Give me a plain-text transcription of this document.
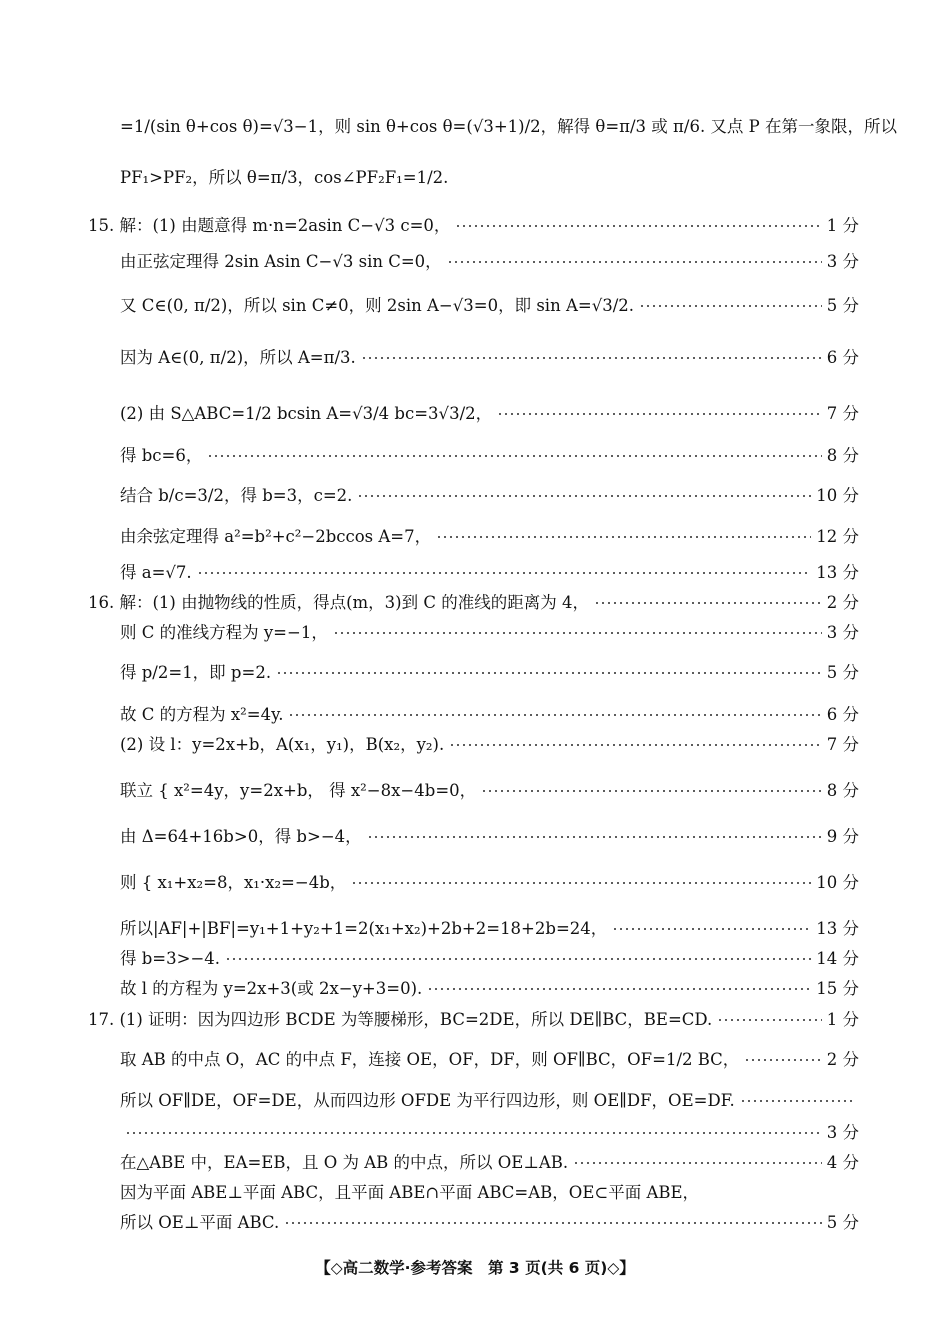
=1/(sin θ+cos θ)=√3−1，则 sin θ+cos θ=(√3+1)/2，解得 θ=π/3 或 π/6. 又点 P 在第一象限，所以
PF₁>PF₂，所以 θ=π/3，cos∠PF₂F₁=1/2.
15. 解：(1) 由题意得 m·n=2asin C−√3 c=0，	1 分
由正弦定理得 2sin Asin C−√3 sin C=0，	3 分
又 C∈(0, π/2)，所以 sin C≠0，则 2sin A−√3=0，即 sin A=√3/2.	5 分
因为 A∈(0, π/2)，所以 A=π/3.	6 分
(2) 由 S△ABC=1/2 bcsin A=√3/4 bc=3√3/2，	7 分
得 bc=6，	8 分
结合 b/c=3/2，得 b=3，c=2.	10 分
由余弦定理得 a²=b²+c²−2bccos A=7，	12 分
得 a=√7.	13 分
16. 解：(1) 由抛物线的性质，得点(m，3)到 C 的准线的距离为 4，	2 分
则 C 的准线方程为 y=−1，	3 分
得 p/2=1，即 p=2.	5 分
故 C 的方程为 x²=4y.	6 分
(2) 设 l：y=2x+b，A(x₁，y₁)，B(x₂，y₂).	7 分
联立 { x²=4y，y=2x+b， 得 x²−8x−4b=0，	8 分
由 Δ=64+16b>0，得 b>−4，	9 分
则 { x₁+x₂=8，x₁·x₂=−4b，	10 分
所以|AF|+|BF|=y₁+1+y₂+1=2(x₁+x₂)+2b+2=18+2b=24，	13 分
得 b=3>−4.	14 分
故 l 的方程为 y=2x+3(或 2x−y+3=0).	15 分
17. (1) 证明：因为四边形 BCDE 为等腰梯形，BC=2DE，所以 DE∥BC，BE=CD.	1 分
取 AB 的中点 O，AC 的中点 F，连接 OE，OF，DF，则 OF∥BC，OF=1/2 BC，	2 分
所以 OF∥DE，OF=DE，从而四边形 OFDE 为平行四边形，则 OE∥DF，OE=DF.
3 分
在△ABE 中，EA=EB，且 O 为 AB 的中点，所以 OE⊥AB.	4 分
因为平面 ABE⊥平面 ABC，且平面 ABE∩平面 ABC=AB，OE⊂平面 ABE，
所以 OE⊥平面 ABC.	5 分
【◇高二数学·参考答案　第 3 页(共 6 页)◇】
